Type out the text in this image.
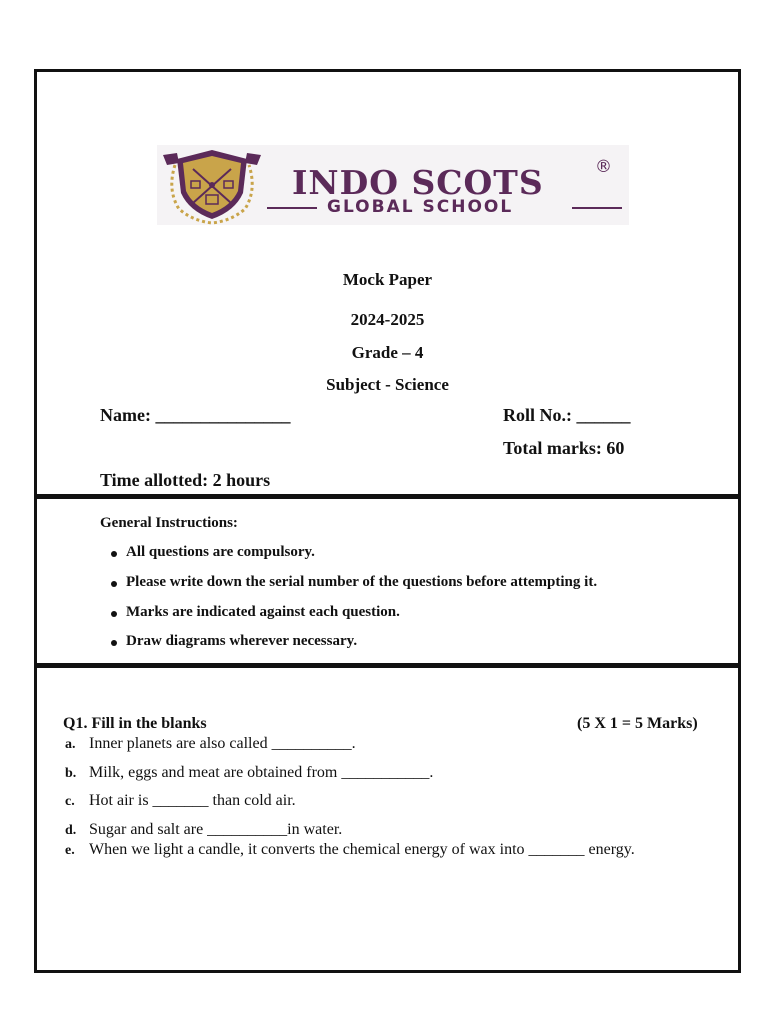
INDO SCOTS	®
GLOBAL SCHOOL
Mock Paper
2024-2025
Grade – 4
Subject - Science
Name: _______________	Roll No.: ______
Total marks: 60
Time allotted: 2 hours
General Instructions:
All questions are compulsory.
Please write down the serial number of the questions before attempting it.
Marks are indicated against each question.
Draw diagrams wherever necessary.
Q1. Fill in the blanks	(5 X 1 = 5 Marks)
a. Inner planets are also called __________.
b. Milk, eggs and meat are obtained from ___________.
c. Hot air is _______ than cold air.
d. Sugar and salt are __________in water.
e. When we light a candle, it converts the chemical energy of wax into _______ energy.
